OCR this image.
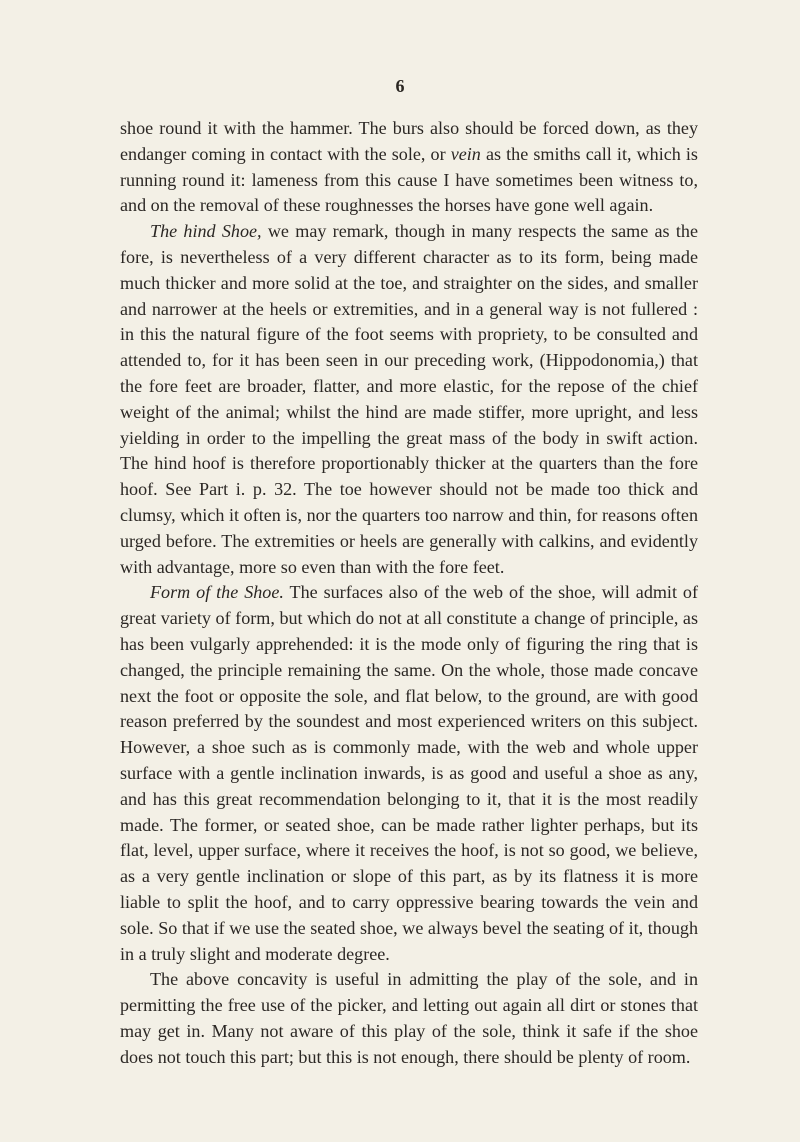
6

shoe round it with the hammer. The burs also should be forced down, as they endanger coming in contact with the sole, or vein as the smiths call it, which is running round it: lameness from this cause I have sometimes been witness to, and on the removal of these roughnesses the horses have gone well again.

The hind Shoe, we may remark, though in many respects the same as the fore, is nevertheless of a very different character as to its form, being made much thicker and more solid at the toe, and straighter on the sides, and smaller and narrower at the heels or extremities, and in a general way is not fullered : in this the natural figure of the foot seems with propriety, to be consulted and attended to, for it has been seen in our preceding work, (Hippodonomia,) that the fore feet are broader, flatter, and more elastic, for the repose of the chief weight of the animal; whilst the hind are made stiffer, more upright, and less yielding in order to the impelling the great mass of the body in swift action. The hind hoof is therefore proportionably thicker at the quarters than the fore hoof. See Part i. p. 32. The toe however should not be made too thick and clumsy, which it often is, nor the quarters too narrow and thin, for reasons often urged before. The extremities or heels are generally with calkins, and evidently with advantage, more so even than with the fore feet.

Form of the Shoe. The surfaces also of the web of the shoe, will admit of great variety of form, but which do not at all constitute a change of principle, as has been vulgarly apprehended: it is the mode only of figuring the ring that is changed, the principle remaining the same. On the whole, those made concave next the foot or opposite the sole, and flat below, to the ground, are with good reason preferred by the soundest and most experienced writers on this subject. However, a shoe such as is commonly made, with the web and whole upper surface with a gentle inclination inwards, is as good and useful a shoe as any, and has this great recommendation belonging to it, that it is the most readily made. The former, or seated shoe, can be made rather lighter perhaps, but its flat, level, upper surface, where it receives the hoof, is not so good, we believe, as a very gentle inclination or slope of this part, as by its flatness it is more liable to split the hoof, and to carry oppressive bearing towards the vein and sole. So that if we use the seated shoe, we always bevel the seating of it, though in a truly slight and moderate degree.

The above concavity is useful in admitting the play of the sole, and in permitting the free use of the picker, and letting out again all dirt or stones that may get in. Many not aware of this play of the sole, think it safe if the shoe does not touch this part; but this is not enough, there should be plenty of room.
